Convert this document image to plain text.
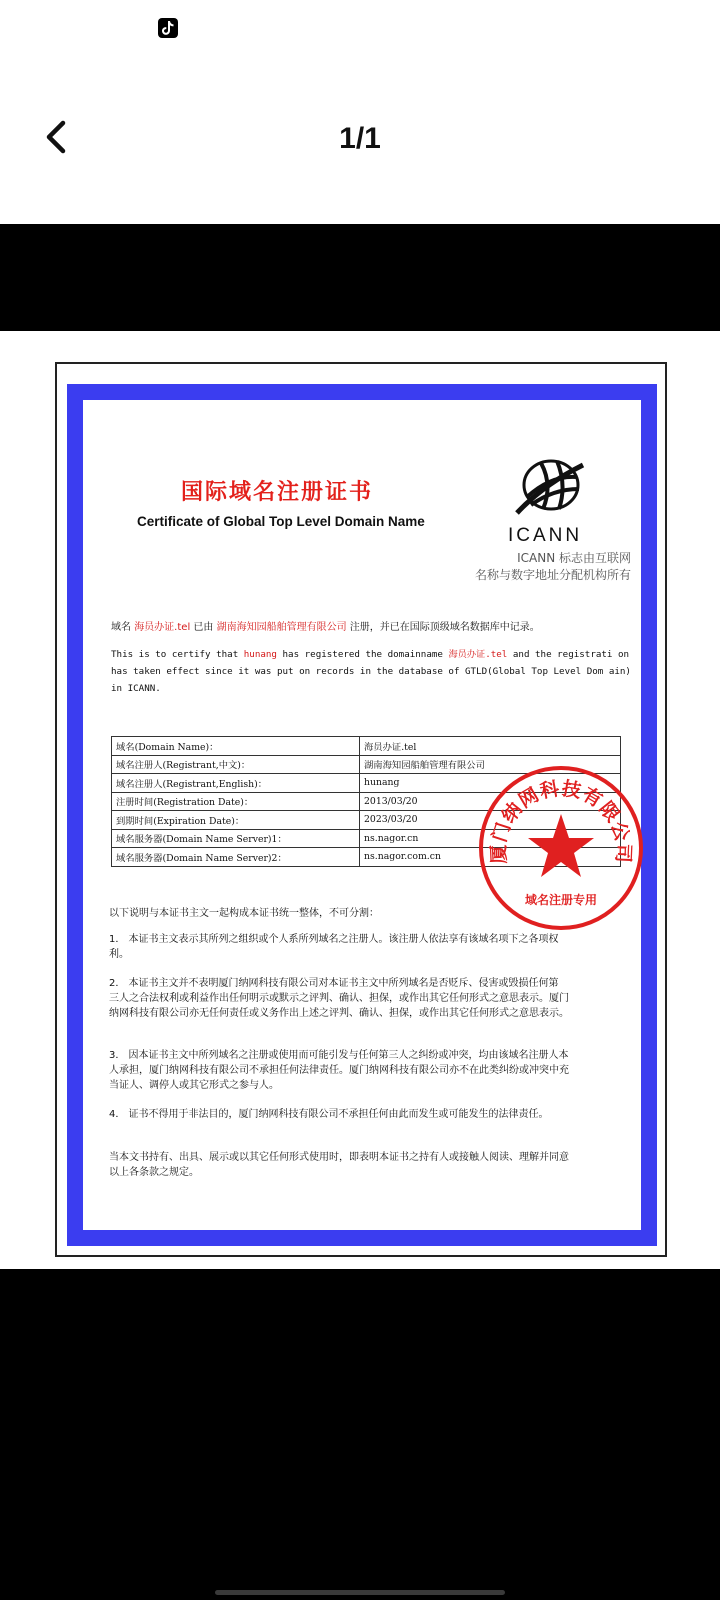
1/1
国际域名注册证书
Certificate of Global Top Level Domain Name
ICANN
ICANN 标志由互联网
名称与数字地址分配机构所有
域名 海员办证.tel 已由 湖南海知园船舶管理有限公司 注册，并已在国际顶级域名数据库中记录。
This is to certify that hunang has registered the domainname 海员办证.tel and the registrati on has taken effect since it was put on records in the database of GTLD(Global Top Level Dom ain) in ICANN.
域名(Domain Name)：	海员办证.tel
域名注册人(Registrant,中文)：	湖南海知园船舶管理有限公司
域名注册人(Registrant,English)：	hunang
注册时间(Registration Date)：	2013/03/20
到期时间(Expiration Date)：	2023/03/20
域名服务器(Domain Name Server)1：	ns.nagor.cn
域名服务器(Domain Name Server)2：	ns.nagor.com.cn 厦门纳网科技有限公司
域名注册专用

以下说明与本证书主文一起构成本证书统一整体，不可分割：

1． 本证书主文表示其所列之组织或个人系所列域名之注册人。该注册人依法享有该域名项下之各项权

利。

2． 本证书主文并不表明厦门纳网科技有限公司对本证书主文中所列域名是否贬斥、侵害或毁损任何第

三人之合法权利或利益作出任何明示或默示之评判、确认、担保，或作出其它任何形式之意思表示。厦门

纳网科技有限公司亦无任何责任或义务作出上述之评判、确认、担保，或作出其它任何形式之意思表示。

3． 因本证书主文中所列域名之注册或使用而可能引发与任何第三人之纠纷或冲突，均由该域名注册人本

人承担，厦门纳网科技有限公司不承担任何法律责任。厦门纳网科技有限公司亦不在此类纠纷或冲突中充

当证人、调停人或其它形式之参与人。

4． 证书不得用于非法目的，厦门纳网科技有限公司不承担任何由此而发生或可能发生的法律责任。

当本文书持有、出具、展示或以其它任何形式使用时，即表明本证书之持有人或接触人阅读、理解并同意

以上各条款之规定。
